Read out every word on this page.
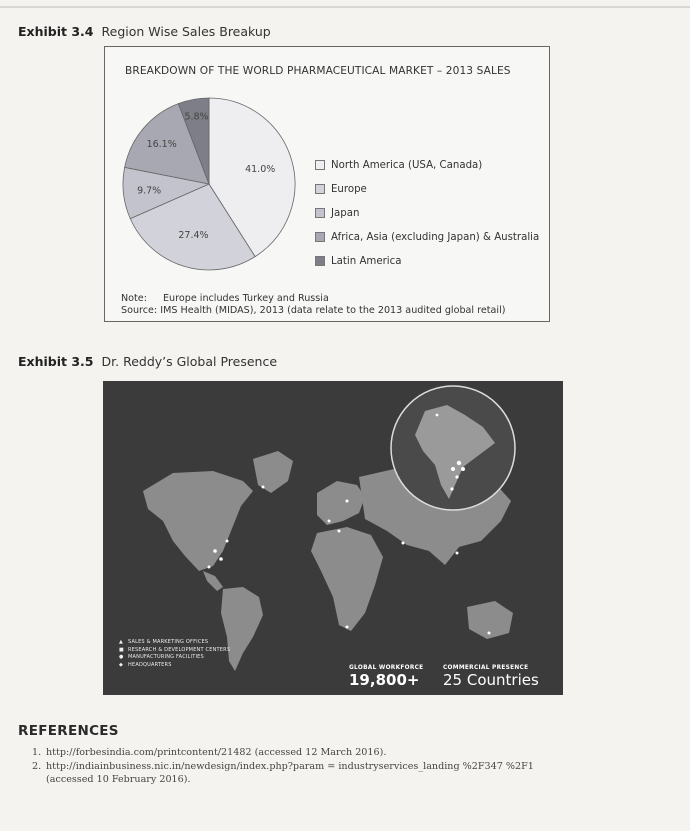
Exhibit 3.4 Region Wise Sales Breakup
BREAKDOWN OF THE WORLD PHARMACEUTICAL MARKET – 2013 SALES
41.0%
27.4%
9.7%
16.1%
5.8%
North America (USA, Canada)
Europe
Japan
Africa, Asia (excluding Japan) & Australia
Latin America
Note: Europe includes Turkey and Russia
Source: IMS Health (MIDAS), 2013 (data relate to the 2013 audited global retail)
Exhibit 3.5 Dr. Reddy’s Global Presence
▲ SALES & MARKETING OFFICES
■ RESEARCH & DEVELOPMENT CENTERS
● MANUFACTURING FACILITIES
◆ HEADQUARTERS
GLOBAL WORKFORCE
19,800+
COMMERCIAL PRESENCE
25 Countries
REFERENCES
1. http://forbesindia.com/printcontent/21482 (accessed 12 March 2016).
2. http://indiainbusiness.nic.in/newdesign/index.php?param = industryservices_landing %2F347 %2F1
(accessed 10 February 2016).
